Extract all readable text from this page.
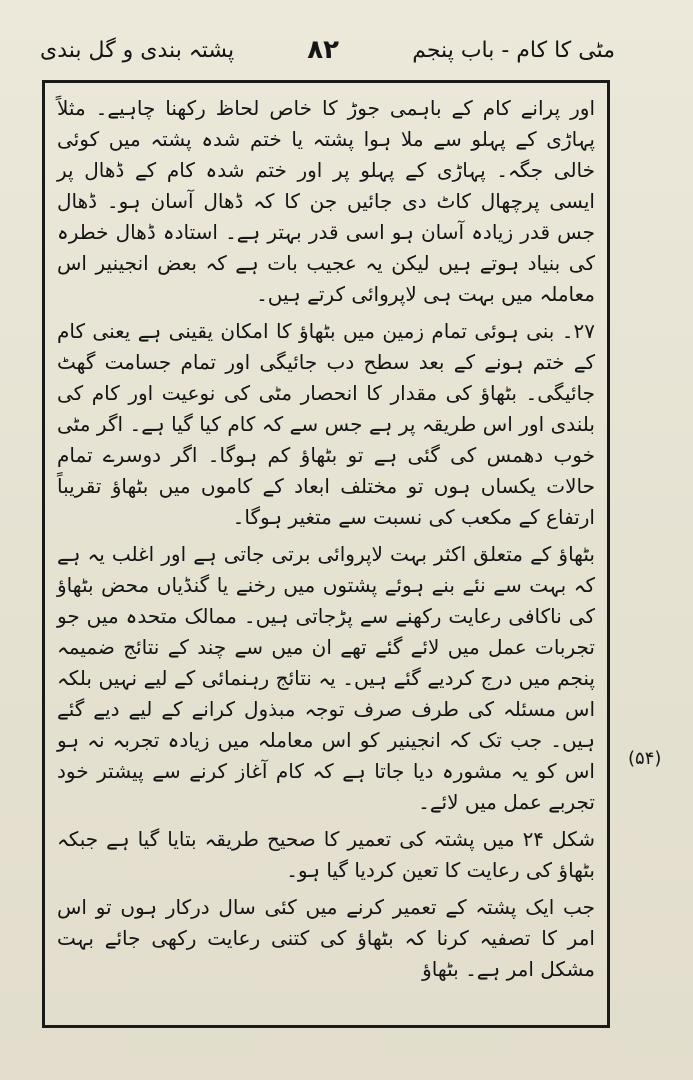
مٹی کا کام - باب پنجم
۸۲
پشتہ بندی و گل بندی

اور پرانے کام کے باہمی جوڑ کا خاص لحاظ رکھنا چاہیے۔ مثلاً پہاڑی کے پہلو سے ملا ہوا پشتہ یا ختم شدہ پشتہ میں کوئی خالی جگہ۔ پہاڑی کے پہلو پر اور ختم شدہ کام کے ڈھال پر ایسی پرچھال کاٹ دی جائیں جن کا کہ ڈھال آسان ہو۔ ڈھال جس قدر زیادہ آسان ہو اسی قدر بہتر ہے۔ استادہ ڈھال خطرہ کی بنیاد ہوتے ہیں لیکن یہ عجیب بات ہے کہ بعض انجینیر اس معاملہ میں بہت ہی لاپروائی کرتے ہیں۔

۲۷۔ بنی ہوئی تمام زمین میں بٹھاؤ کا امکان یقینی ہے یعنی کام کے ختم ہونے کے بعد سطح دب جائیگی اور تمام جسامت گھٹ جائیگی۔ بٹھاؤ کی مقدار کا انحصار مٹی کی نوعیت اور کام کی بلندی اور اس طریقہ پر ہے جس سے کہ کام کیا گیا ہے۔ اگر مٹی خوب دھمس کی گئی ہے تو بٹھاؤ کم ہوگا۔ اگر دوسرے تمام حالات یکساں ہوں تو مختلف ابعاد کے کاموں میں بٹھاؤ تقریباً ارتفاع کے مکعب کی نسبت سے متغیر ہوگا۔

بٹھاؤ کے متعلق اکثر بہت لاپروائی برتی جاتی ہے اور اغلب یہ ہے کہ بہت سے نئے بنے ہوئے پشتوں میں رخنے یا گنڈیاں محض بٹھاؤ کی ناکافی رعایت رکھنے سے پڑجاتی ہیں۔ ممالک متحدہ میں جو تجربات عمل میں لائے گئے تھے ان میں سے چند کے نتائج ضمیمہ پنجم میں درج کردیے گئے ہیں۔ یہ نتائج رہنمائی کے لیے نہیں بلکہ اس مسئلہ کی طرف صرف توجہ مبذول کرانے کے لیے دیے گئے ہیں۔ جب تک کہ انجینیر کو اس معاملہ میں زیادہ تجربہ نہ ہو اس کو یہ مشورہ دیا جاتا ہے کہ کام آغاز کرنے سے پیشتر خود تجربے عمل میں لائے۔

شکل ۲۴ میں پشتہ کی تعمیر کا صحیح طریقہ بتایا گیا ہے جبکہ بٹھاؤ کی رعایت کا تعین کردیا گیا ہو۔

جب ایک پشتہ کے تعمیر کرنے میں کئی سال درکار ہوں تو اس امر کا تصفیہ کرنا کہ بٹھاؤ کی کتنی رعایت رکھی جائے بہت مشکل امر ہے۔ بٹھاؤ

(۵۴)
